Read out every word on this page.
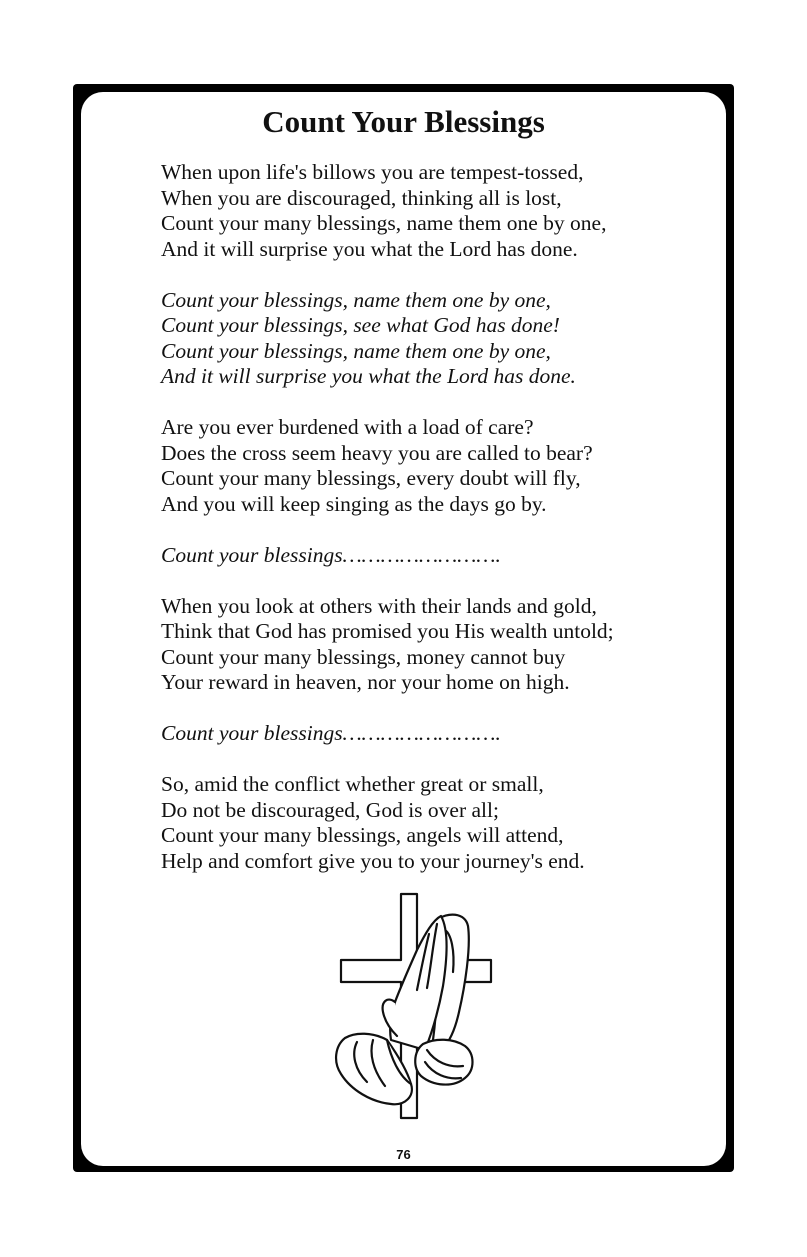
Count Your Blessings
When upon life's billows you are tempest-tossed,
When you are discouraged, thinking all is lost,
Count your many blessings, name them one by one,
And it will surprise you what the Lord has done.
Count your blessings, name them one by one,
Count your blessings, see what God has done!
Count your blessings, name them one by one,
And it will surprise you what the Lord has done.
Are you ever burdened with a load of care?
Does the cross seem heavy you are called to bear?
Count your many blessings, every doubt will fly,
And you will keep singing as the days go by.
Count your blessings…………………….
When you look at others with their lands and gold,
Think that God has promised you His wealth untold;
Count your many blessings, money cannot buy
Your reward in heaven, nor your home on high.
Count your blessings…………………….
So, amid the conflict whether great or small,
Do not be discouraged, God is over all;
Count your many blessings, angels will attend,
Help and comfort give you to your journey's end.
76
